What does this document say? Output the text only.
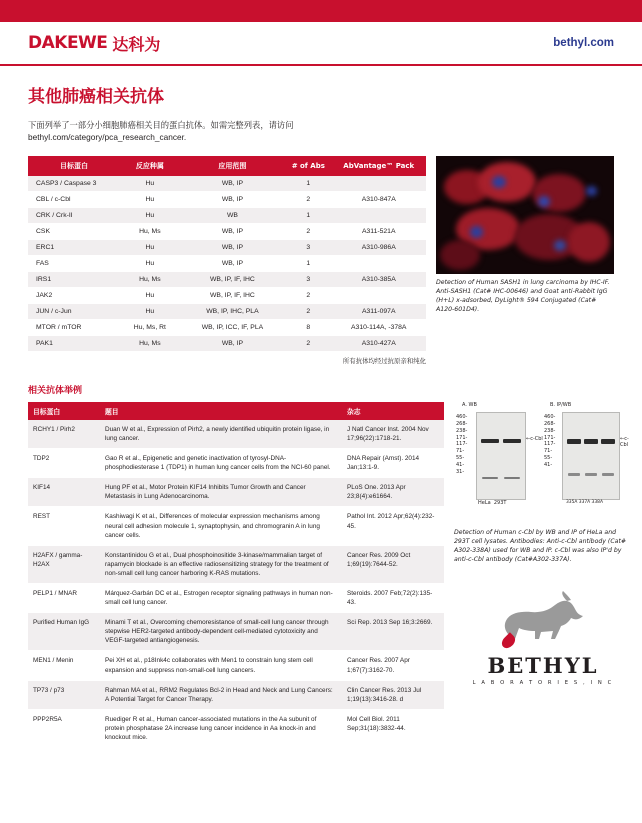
DAKEWE 达科为	bethyl.com
其他肺癌相关抗体

下面列举了一部分小细胞肺癌相关目的蛋白抗体。如需完整列表，请访问
bethyl.com/category/pca_research_cancer.

目标蛋白	反应种属	应用范围	# of Abs	AbVantage™ Pack
CASP3 / Caspase 3	Hu	WB, IP	1	
CBL / c-Cbl	Hu	WB, IP	2	A310-847A
CRK / Crk-II	Hu	WB	1	
CSK	Hu, Ms	WB, IP	2	A311-521A
ERC1	Hu	WB, IP	3	A310-986A
FAS	Hu	WB, IP	1	
IRS1	Hu, Ms	WB, IP, IF, IHC	3	A310-385A
JAK2	Hu	WB, IP, IF, IHC	2	
JUN / c-Jun	Hu	WB, IP, IHC, PLA	2	A311-097A
MTOR / mTOR	Hu, Ms, Rt	WB, IP, ICC, IF, PLA	8	A310-114A, -378A
PAK1	Hu, Ms	WB, IP	2	A310-427A

所有抗体均经过抗原亲和纯化

Detection of Human SASH1 in lung carcinoma by IHC-IF. Anti-SASH1 (Cat# IHC-00646) and Goat anti-Rabbit IgG (H+L) x-adsorbed, DyLight® 594 Conjugated (Cat# A120-601D4).
相关抗体举例
目标蛋白	题目	杂志
RCHY1 / Pirh2	Duan W et al., Expression of Pirh2, a newly identified ubiquitin protein ligase, in lung cancer.	J Natl Cancer Inst. 2004 Nov 17;96(22):1718-21.
TDP2	Gao R et al., Epigenetic and genetic inactivation of tyrosyl-DNA-phosphodiesterase 1 (TDP1) in human lung cancer cells from the NCI-60 panel.	DNA Repair (Amst). 2014 Jan;13:1-9.
KIF14	Hung PF et al., Motor Protein KIF14 Inhibits Tumor Growth and Cancer Metastasis in Lung Adenocarcinoma.	PLoS One. 2013 Apr 23;8(4):e61664.
REST	Kashiwagi K et al., Differences of molecular expression mechanisms among neural cell adhesion molecule 1, synaptophysin, and chromogranin A in lung cancer cells.	Pathol Int. 2012 Apr;62(4):232-45.
H2AFX / gamma-H2AX	Konstantinidou G et al., Dual phosphoinositide 3-kinase/mammalian target of rapamycin blockade is an effective radiosensitizing strategy for the treatment of non-small cell lung cancer harboring K-RAS mutations.	Cancer Res. 2009 Oct 1;69(19):7644-52.
PELP1 / MNAR	Márquez-Garbán DC et al., Estrogen receptor signaling pathways in human non-small cell lung cancer.	Steroids. 2007 Feb;72(2):135-43.
Purified Human IgG	Minami T et al., Overcoming chemoresistance of small-cell lung cancer through stepwise HER2-targeted antibody-dependent cell-mediated cytotoxicity and VEGF-targeted antiangiogenesis.	Sci Rep. 2013 Sep 16;3:2669.
MEN1 / Menin	Pei XH et al., p18Ink4c collaborates with Men1 to constrain lung stem cell expansion and suppress non-small-cell lung cancers.	Cancer Res. 2007 Apr 1;67(7):3162-70.
TP73 / p73	Rahman MA et al., RRM2 Regulates Bcl-2 in Head and Neck and Lung Cancers: A Potential Target for Cancer Therapy.	Clin Cancer Res. 2013 Jul 1;19(13):3416-28. d
PPP2R5A	Ruediger R et al., Human cancer-associated mutations in the Aa subunit of protein phosphatase 2A increase lung cancer incidence in Aa knock-in and knockout mice.	Mol Cell Biol. 2011 Sep;31(18):3832-44.
A. WB	B. IP/WB
460-
268-
238-
171-
117-
71-
55-
41-
31-
460-
268-
238-
171-
117-
71-
55-
41-
←c-Cbl	←c-Cbl
HeLa  293T	335A 337A 338A
Detection of Human c-Cbl by WB and IP of HeLa and 293T cell lysates. Antibodies: Anti-c-Cbl antibody (Cat# A302-338A) used for WB and IP. c-Cbl was also IP'd by anti-c-Cbl antibody (Cat#A302-337A).
BETHYL
L A B O R A T O R I E S , I N C
